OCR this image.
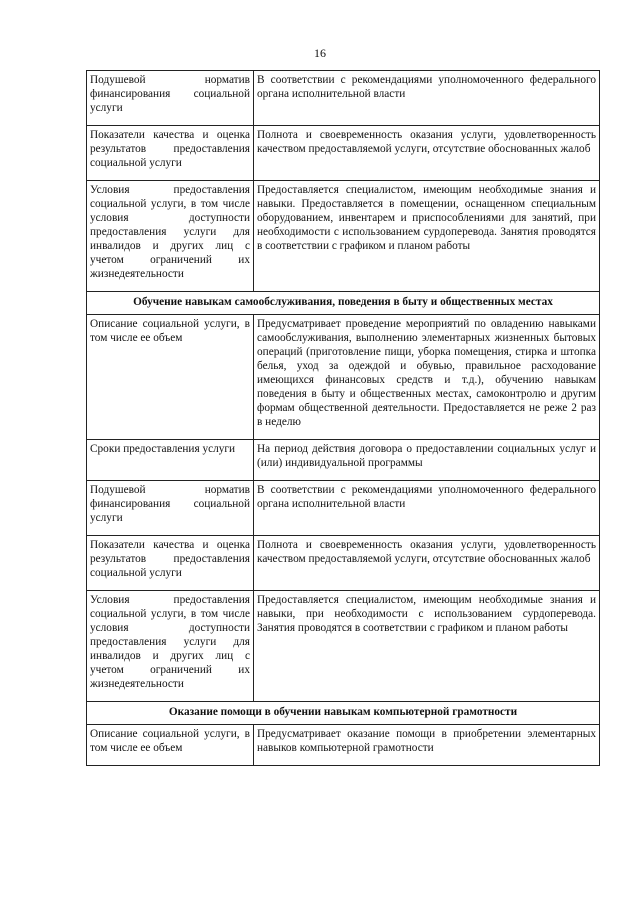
16
Подушевой норматив финансирования социальной услуги	В соответствии с рекомендациями уполномоченного федерального органа исполнительной власти

Показатели качества и оценка результатов предоставления социальной услуги	Полнота и своевременность оказания услуги, удовлетворенность качеством предоставляемой услуги, отсутствие обоснованных жалоб

Условия предоставления социальной услуги, в том числе условия доступности предоставления услуги для инвалидов и других лиц с учетом ограничений их жизнедеятельности	Предоставляется специалистом, имеющим необходимые знания и навыки. Предоставляется в помещении, оснащенном специальным оборудованием, инвентарем и приспособлениями для занятий, при необходимости с использованием сурдоперевода. Занятия проводятся в соответствии с графиком и планом работы

Обучение навыкам самообслуживания, поведения в быту и общественных местах	

Описание социальной услуги, в том числе ее объем	Предусматривает проведение мероприятий по овладению навыками самообслуживания, выполнению элементарных жизненных бытовых операций (приготовление пищи, уборка помещения, стирка и штопка белья, уход за одеждой и обувью, правильное расходование имеющихся финансовых средств и т.д.), обучению навыкам поведения в быту и общественных местах, самоконтролю и другим формам общественной деятельности. Предоставляется не реже 2 раз в неделю

Сроки предоставления услуги	На период действия договора о предоставлении социальных услуг и (или) индивидуальной программы

Подушевой норматив финансирования социальной услуги	В соответствии с рекомендациями уполномоченного федерального органа исполнительной власти

Показатели качества и оценка результатов предоставления социальной услуги	Полнота и своевременность оказания услуги, удовлетворенность качеством предоставляемой услуги, отсутствие обоснованных жалоб

Условия предоставления социальной услуги, в том числе условия доступности предоставления услуги для инвалидов и других лиц с учетом ограничений их жизнедеятельности	Предоставляется специалистом, имеющим необходимые знания и навыки, при необходимости с использованием сурдоперевода. Занятия проводятся в соответствии с графиком и планом работы

Оказание помощи в обучении навыкам компьютерной грамотности	

Описание социальной услуги, в том числе ее объем	Предусматривает оказание помощи в приобретении элементарных навыков компьютерной грамотности
